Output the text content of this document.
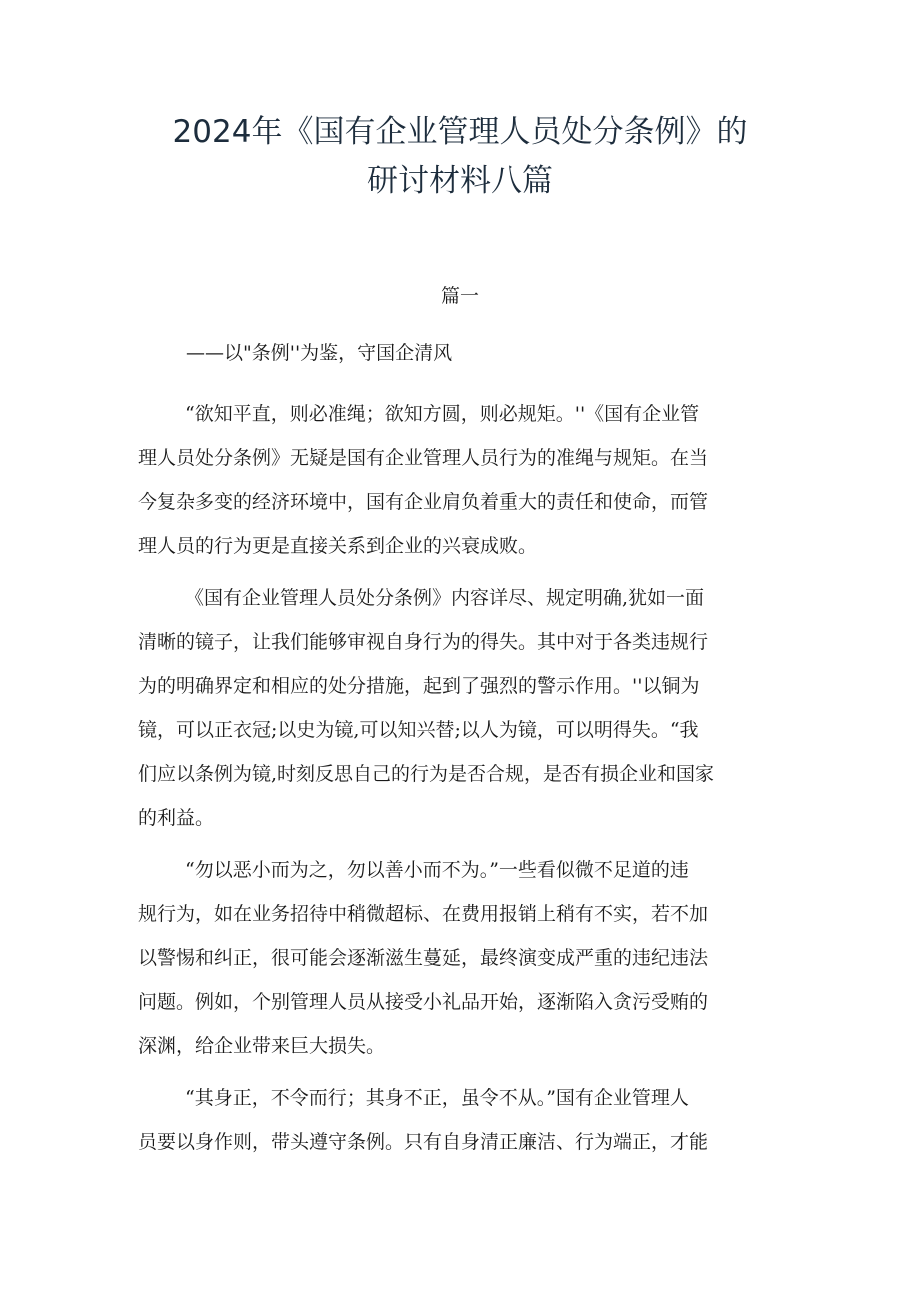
2024年《国有企业管理人员处分条例》的
研讨材料八篇
篇一
——以"条例''为鉴，守国企清风
“欲知平直，则必准绳；欲知方圆，则必规矩。''《国有企业管
理人员处分条例》无疑是国有企业管理人员行为的准绳与规矩。在当
今复杂多变的经济环境中，国有企业肩负着重大的责任和使命，而管
理人员的行为更是直接关系到企业的兴衰成败。
《国有企业管理人员处分条例》内容详尽、规定明确,犹如一面
清晰的镜子，让我们能够审视自身行为的得失。其中对于各类违规行
为的明确界定和相应的处分措施，起到了强烈的警示作用。''以铜为
镜，可以正衣冠;以史为镜,可以知兴替;以人为镜，可以明得失。“我
们应以条例为镜,时刻反思自己的行为是否合规，是否有损企业和国家
的利益。
“勿以恶小而为之，勿以善小而不为。”一些看似微不足道的违
规行为，如在业务招待中稍微超标、在费用报销上稍有不实，若不加
以警惕和纠正，很可能会逐渐滋生蔓延，最终演变成严重的违纪违法
问题。例如，个别管理人员从接受小礼品开始，逐渐陷入贪污受贿的
深渊，给企业带来巨大损失。
“其身正，不令而行；其身不正，虽令不从。”国有企业管理人
员要以身作则，带头遵守条例。只有自身清正廉洁、行为端正，才能
